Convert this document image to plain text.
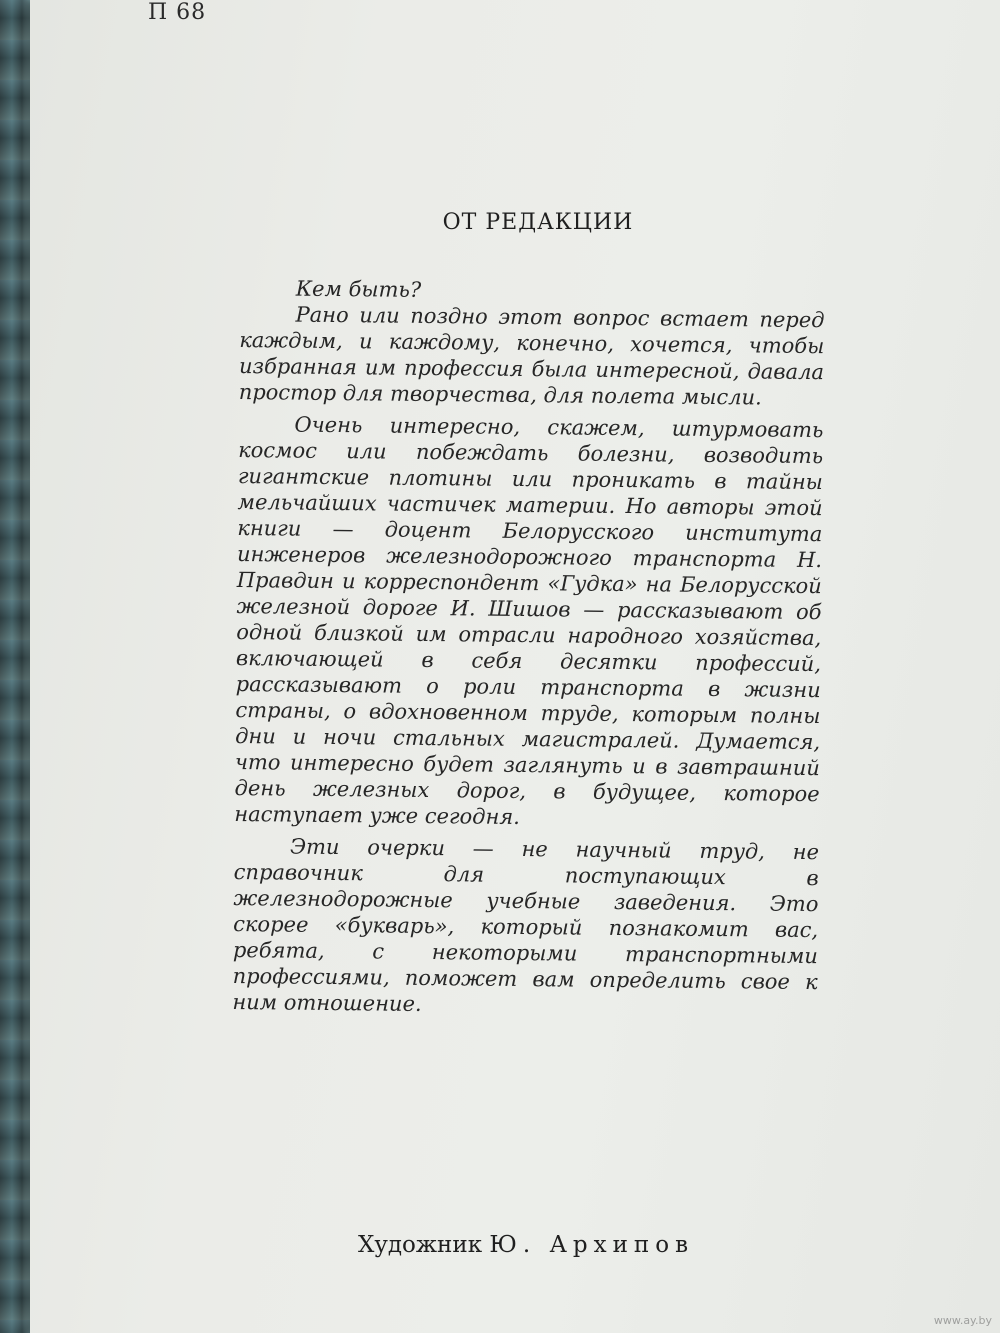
П 68
ОТ РЕДАКЦИИ

Кем быть?

Рано или поздно этот вопрос встает перед каждым, и каждому, конечно, хочется, чтобы избранная им профессия была интересной, давала простор для творчества, для полета мысли.

Очень интересно, скажем, штурмовать космос или побеждать болезни, возводить гигантские плотины или проникать в тайны мельчайших частичек материи. Но авторы этой книги — доцент Белорусского института инженеров железнодорожного транспорта Н. Правдин и корреспондент «Гудка» на Белорусской железной дороге И. Шишов — рассказывают об одной близкой им отрасли народного хозяйства, включающей в себя десятки профессий, рассказывают о роли транспорта в жизни страны, о вдохновенном труде, которым полны дни и ночи стальных магистралей. Думается, что интересно будет заглянуть и в завтрашний день железных дорог, в будущее, которое наступает уже сегодня.

Эти очерки — не научный труд, не справочник для поступающих в железнодорожные учебные заведения. Это скорее «букварь», который познакомит вас, ребята, с некоторыми транспортными профессиями, поможет вам определить свое к ним отношение.

Художник Ю. Архипов
www.ay.by
